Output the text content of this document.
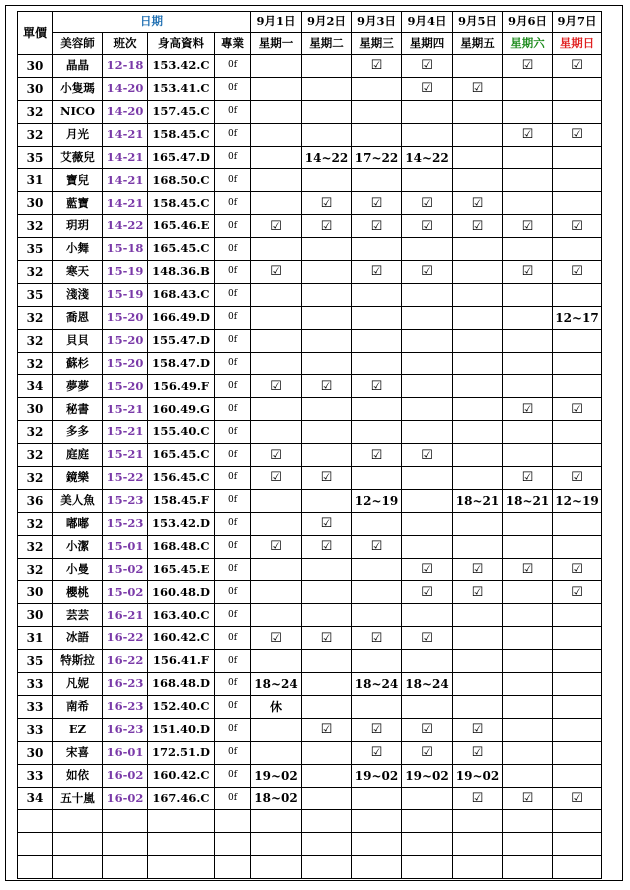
單價	日期				9月1日	9月2日	9月3日	9月4日	9月5日	9月6日	9月7日
	美容師	班次	身高資料	專業	星期一	星期二	星期三	星期四	星期五	星期六	星期日
30	晶晶	12-18	153.42.C	0f			☑	☑		☑	☑
30	小隻瑪	14-20	153.41.C	0f				☑	☑		
32	NICO	14-20	157.45.C	0f							
32	月光	14-21	158.45.C	0f						☑	☑
35	艾薇兒	14-21	165.47.D	0f		14~22	17~22	14~22			
31	寶兒	14-21	168.50.C	0f							
30	藍寶	14-21	158.45.C	0f		☑	☑	☑	☑		
32	玥玥	14-22	165.46.E	0f	☑	☑	☑	☑	☑	☑	☑
35	小舞	15-18	165.45.C	0f							
32	寒天	15-19	148.36.B	0f	☑		☑	☑		☑	☑
35	淺淺	15-19	168.43.C	0f							
32	喬恩	15-20	166.49.D	0f							12~17
32	貝貝	15-20	155.47.D	0f							
32	蘇杉	15-20	158.47.D	0f							
34	夢夢	15-20	156.49.F	0f	☑	☑	☑				
30	秘書	15-21	160.49.G	0f						☑	☑
32	多多	15-21	155.40.C	0f							
32	庭庭	15-21	165.45.C	0f	☑		☑	☑			
32	鏡樂	15-22	156.45.C	0f	☑	☑				☑	☑
36	美人魚	15-23	158.45.F	0f			12~19		18~21	18~21	12~19
32	嘟嘟	15-23	153.42.D	0f		☑					
32	小潔	15-01	168.48.C	0f	☑	☑	☑				
32	小曼	15-02	165.45.E	0f				☑	☑	☑	☑
30	櫻桃	15-02	160.48.D	0f				☑	☑		☑
30	芸芸	16-21	163.40.C	0f							
31	冰語	16-22	160.42.C	0f	☑	☑	☑	☑			
35	特斯拉	16-22	156.41.F	0f							
33	凡妮	16-23	168.48.D	0f	18~24		18~24	18~24			
33	南希	16-23	152.40.C	0f	休						
33	EZ	16-23	151.40.D	0f		☑	☑	☑	☑		
30	宋喜	16-01	172.51.D	0f			☑	☑	☑		
33	如依	16-02	160.42.C	0f	19~02		19~02	19~02	19~02		
34	五十嵐	16-02	167.46.C	0f	18~02				☑	☑	☑
